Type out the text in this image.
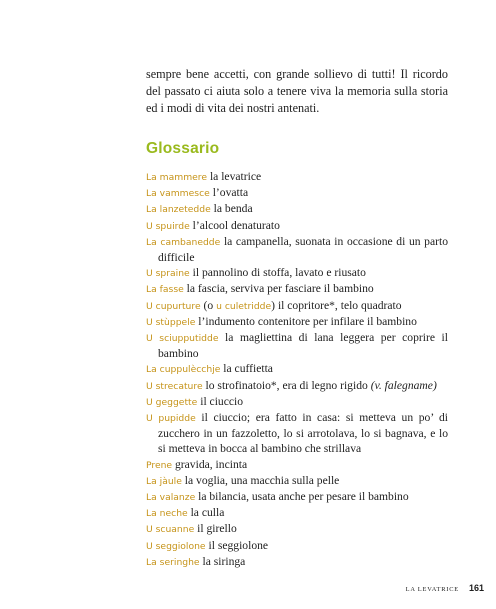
sempre bene accetti, con grande sollievo di tutti! Il ricordo del passato ci aiuta solo a tenere viva la memoria sulla storia ed i modi di vita dei nostri antenati.

Glossario
La mammere la levatrice
La vammesce l’ovatta
La lanzetedde la benda
U spuirde l’alcool denaturato
La cambanedde la campanella, suonata in occasione di un parto difficile
U spraine il pannolino di stoffa, lavato e riusato
La fasse la fascia, serviva per fasciare il bambino
U cupurture (o u culetridde) il copritore*, telo quadrato
U stùppele l’indumento contenitore per infilare il bambino
U sciupputidde la magliettina di lana leggera per coprire il bambino
La cuppulècchje la cuffietta
U strecature lo strofinatoio*, era di legno rigido (v. falegname)
U geggette il ciuccio
U pupidde il ciuccio; era fatto in casa: si metteva un po’ di zucchero in un fazzoletto, lo si arrotolava, lo si bagnava, e lo si metteva in bocca al bambino che strillava
Prene gravida, incinta
La jàule la voglia, una macchia sulla pelle
La valanze la bilancia, usata anche per pesare il bambino
La neche la culla
U scuanne il girello
U seggiolone il seggiolone
La seringhe la siringa
LA LEVATRICE 161
